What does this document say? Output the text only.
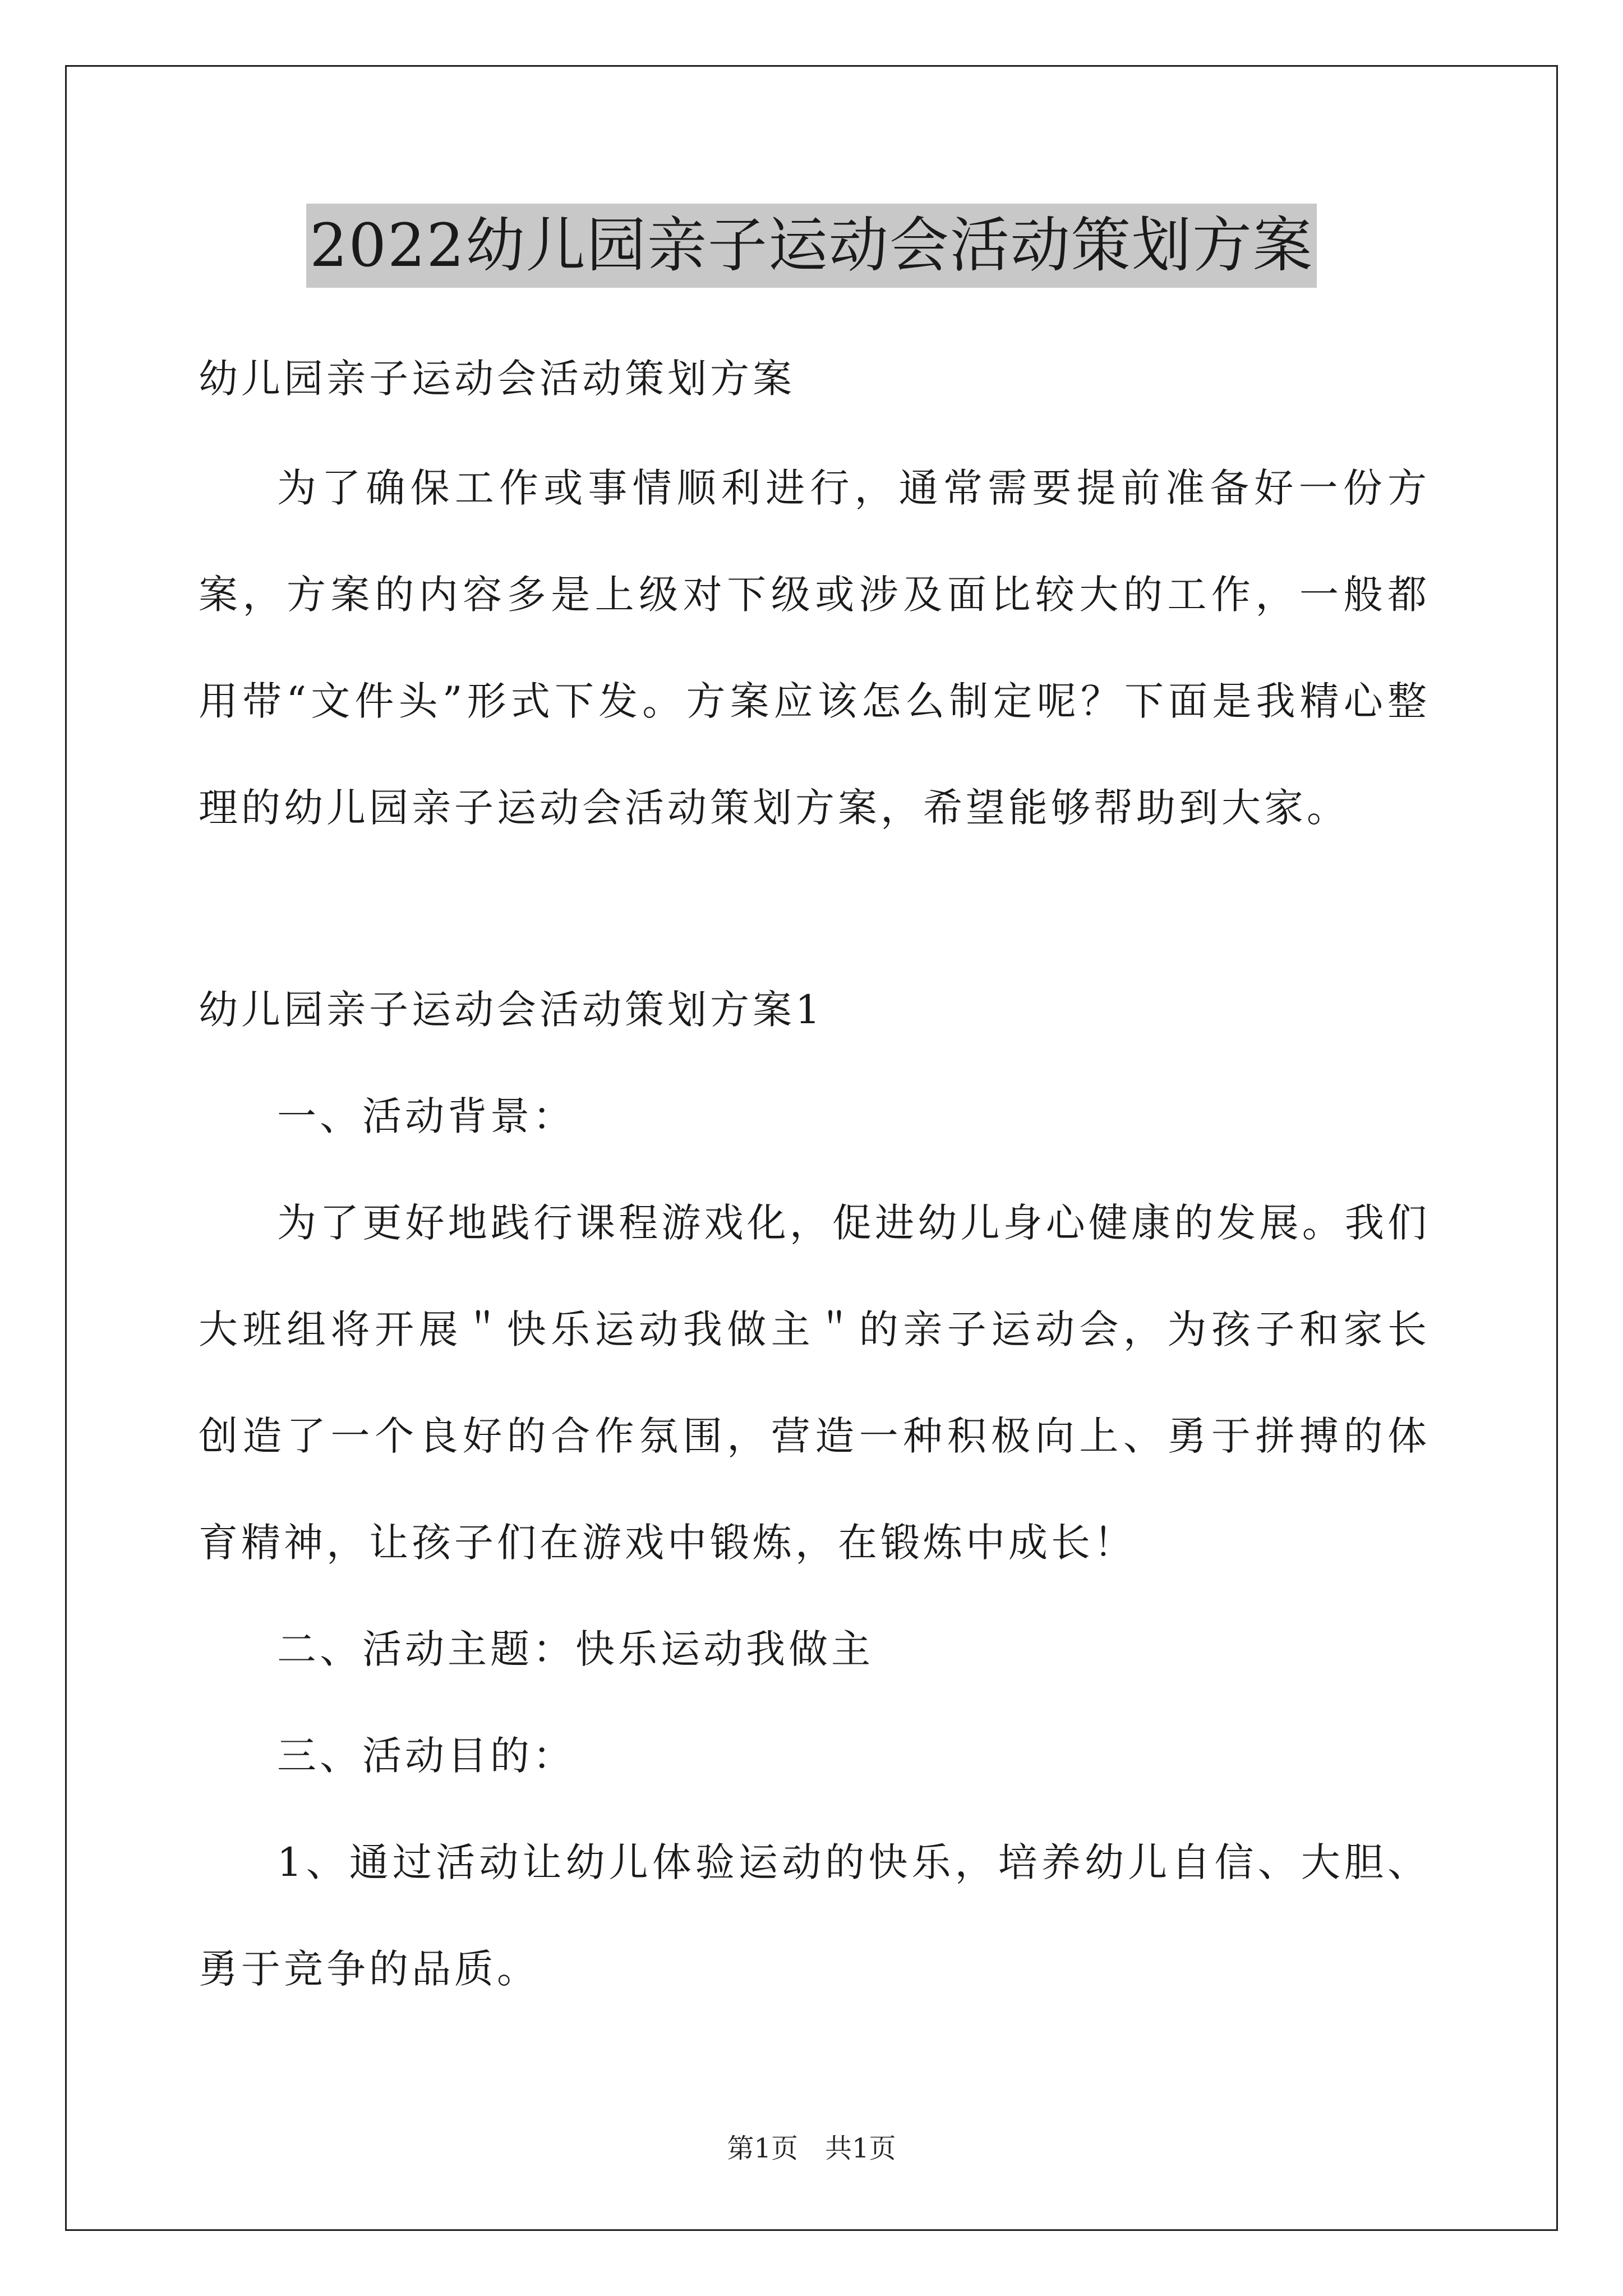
2022幼儿园亲子运动会活动策划方案

幼儿园亲子运动会活动策划方案

为了确保工作或事情顺利进行，通常需要提前准备好一份方案，方案的内容多是上级对下级或涉及面比较大的工作，一般都用带“文件头”形式下发。方案应该怎么制定呢？下面是我精心整理的幼儿园亲子运动会活动策划方案，希望能够帮助到大家。

幼儿园亲子运动会活动策划方案1

一、活动背景：

为了更好地践行课程游戏化，促进幼儿身心健康的发展。我们大班组将开展＂快乐运动我做主＂的亲子运动会，为孩子和家长创造了一个良好的合作氛围，营造一种积极向上、勇于拼搏的体育精神，让孩子们在游戏中锻炼，在锻炼中成长！

二、活动主题：快乐运动我做主

三、活动目的：

1、通过活动让幼儿体验运动的快乐，培养幼儿自信、大胆、勇于竞争的品质。

第1页　共1页
